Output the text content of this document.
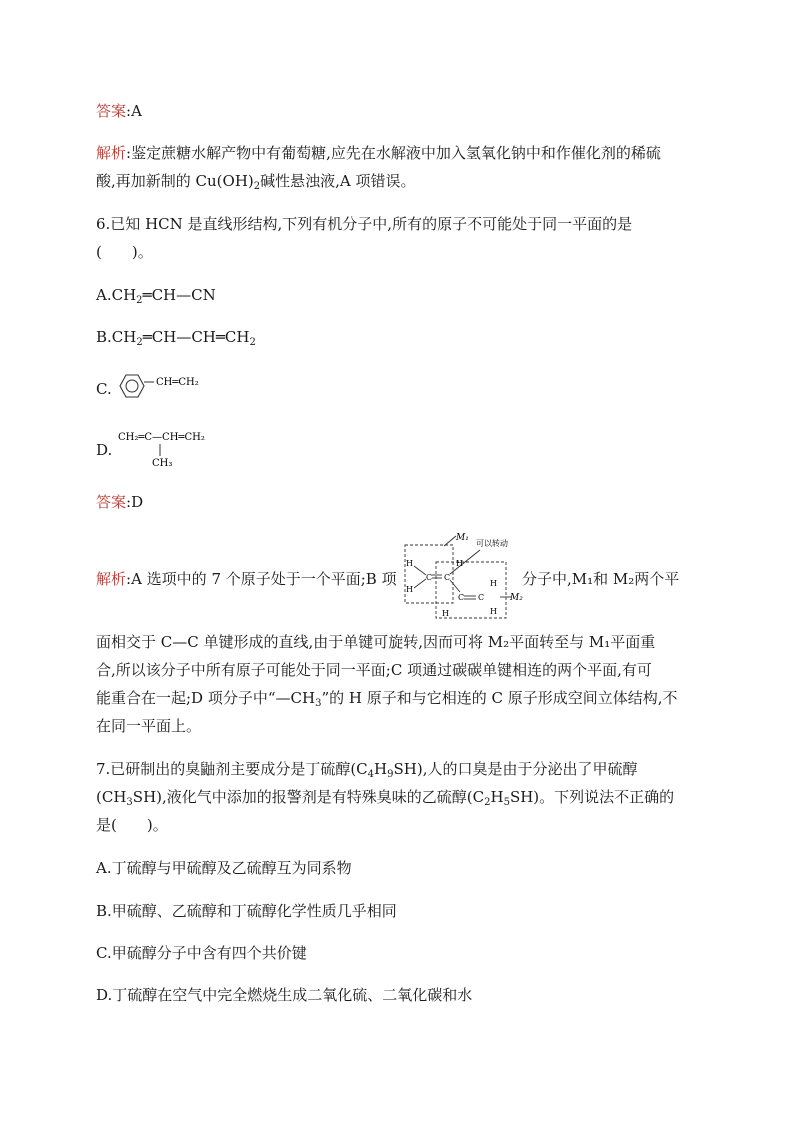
答案:A
解析:鉴定蔗糖水解产物中有葡萄糖,应先在水解液中加入氢氧化钠中和作催化剂的稀硫
酸,再加新制的 $Cu(OH)_2$碱性悬浊液,A 项错误。
6.已知 HCN 是直线形结构,下列有机分子中,所有的原子不可能处于同一平面的是
(　　)。
$A.CH_2═CH—CN$
$B.CH_2═CH—CH═CH_2$
C.	CH═CH₂
D.
CH₂═C—CH═CH₂
CH₃
答案:D
解析:A 选项中的 7 个原子处于一个平面;B 项	分子中,M₁和 M₂两个平
M₁
可以转动
H
H
C C
H
C C
H
H
H
M₂
面相交于 C—C 单键形成的直线,由于单键可旋转,因而可将 M₂平面转至与 M₁平面重
合,所以该分子中所有原子可能处于同一平面;C 项通过碳碳单键相连的两个平面,有可
能重合在一起;D 项分子中“$—CH_3$”的 H 原子和与它相连的 C 原子形成空间立体结构,不
在同一平面上。
7.已研制出的臭鼬剂主要成分是丁硫醇$(C_4H_9SH)$,人的口臭是由于分泌出了甲硫醇
$(CH_3SH)$,液化气中添加的报警剂是有特殊臭味的乙硫醇$(C_2H_5SH)$。下列说法不正确的
是(　　)。
A.丁硫醇与甲硫醇及乙硫醇互为同系物
B.甲硫醇、乙硫醇和丁硫醇化学性质几乎相同
C.甲硫醇分子中含有四个共价键
D.丁硫醇在空气中完全燃烧生成二氧化硫、二氧化碳和水
